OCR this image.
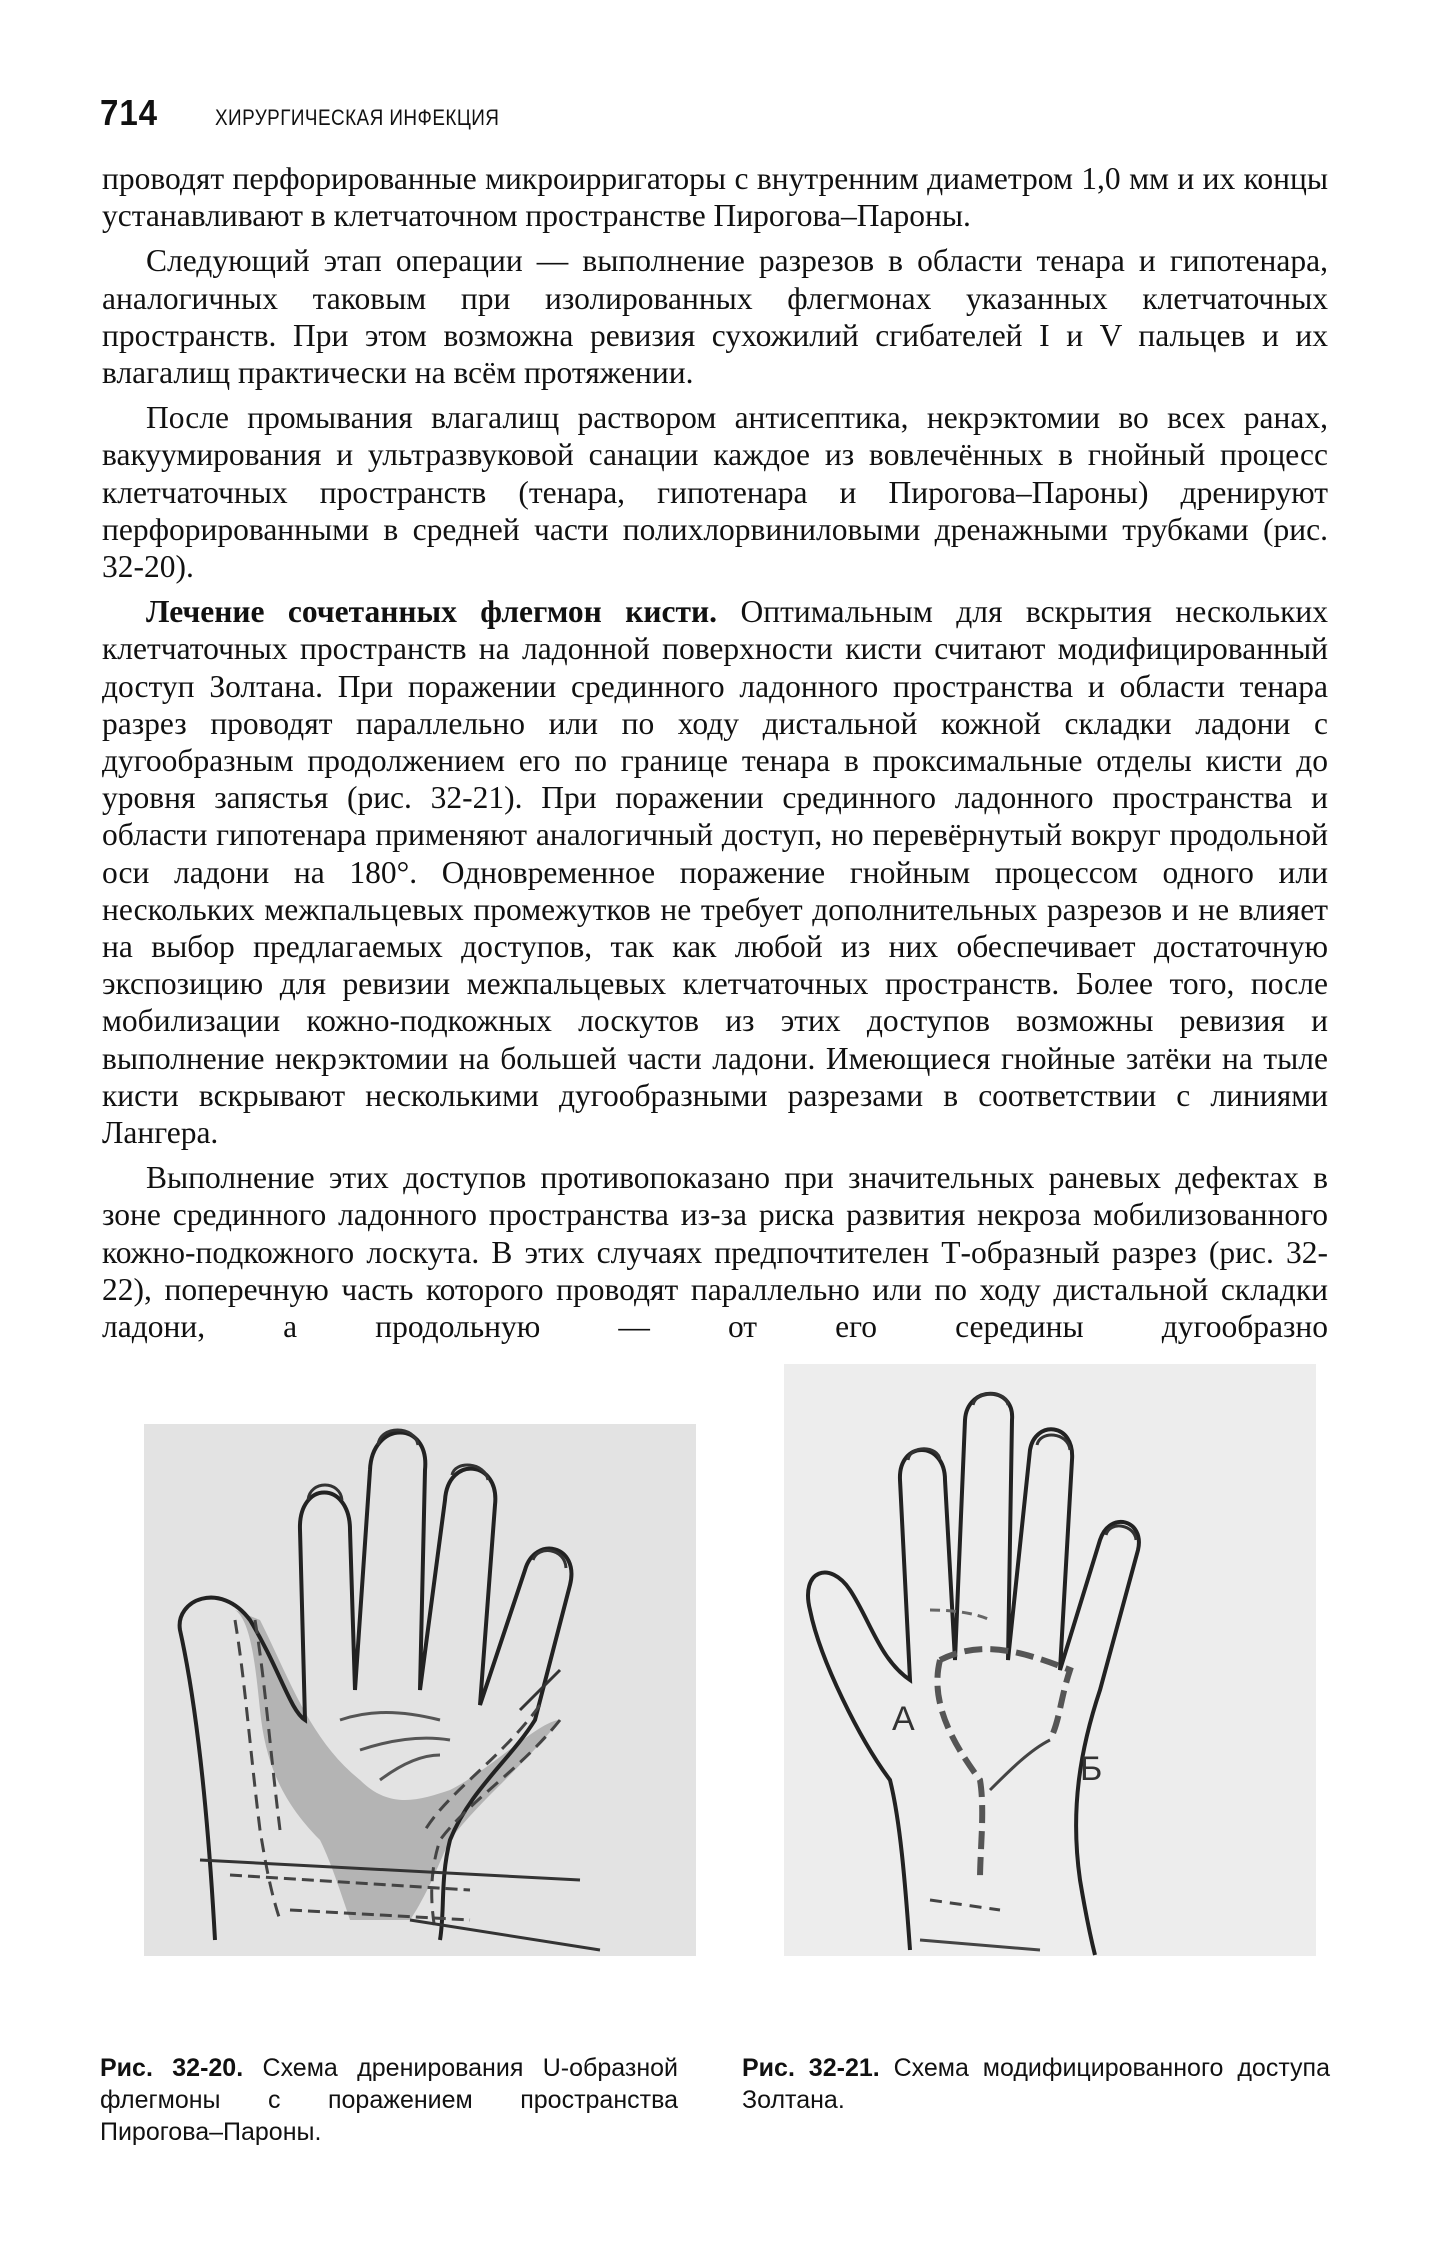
714	ХИРУРГИЧЕСКАЯ ИНФЕКЦИЯ

проводят перфорированные микроирригаторы с внутренним диаметром 1,0 мм и их концы устанавливают в клетчаточном пространстве Пирогова–Пароны.

Следующий этап операции — выполнение разрезов в области тенара и гипотенара, аналогичных таковым при изолированных флегмонах указанных клетчаточных пространств. При этом возможна ревизия сухожилий сгибателей I и V пальцев и их влагалищ практически на всём протяжении.

После промывания влагалищ раствором антисептика, некрэктомии во всех ранах, вакуумирования и ультразвуковой санации каждое из вовлечённых в гнойный процесс клетчаточных пространств (тенара, гипотенара и Пирогова–Пароны) дренируют перфорированными в средней части полихлорвиниловыми дренажными трубками (рис. 32-20).

Лечение сочетанных флегмон кисти. Оптимальным для вскрытия нескольких клетчаточных пространств на ладонной поверхности кисти считают модифицированный доступ Золтана. При поражении срединного ладонного пространства и области тенара разрез проводят параллельно или по ходу дистальной кожной складки ладони с дугообразным продолжением его по границе тенара в проксимальные отделы кисти до уровня запястья (рис. 32-21). При поражении срединного ладонного пространства и области гипотенара применяют аналогичный доступ, но перевёрнутый вокруг продольной оси ладони на 180°. Одновременное поражение гнойным процессом одного или нескольких межпальцевых промежутков не требует дополнительных разрезов и не влияет на выбор предлагаемых доступов, так как любой из них обеспечивает достаточную экспозицию для ревизии межпальцевых клетчаточных пространств. Более того, после мобилизации кожно-подкожных лоскутов из этих доступов возможны ревизия и выполнение некрэктомии на большей части ладони. Имеющиеся гнойные затёки на тыле кисти вскрывают несколькими дугообразными разрезами в соответствии с линиями Лангера.

Выполнение этих доступов противопоказано при значительных раневых дефектах в зоне срединного ладонного пространства из-за риска развития некроза мобилизованного кожно-подкожного лоскута. В этих случаях предпочтителен Т-образный разрез (рис. 32-22), поперечную часть которого проводят параллельно или по ходу дистальной складки ладони, а продольную — от его середины дугообразно

Рис. 32-20. Схема дренирования U-образной флегмоны с поражением пространства Пирогова–Пароны.
А
Б
Рис. 32-21. Схема модифицированного доступа Золтана.
